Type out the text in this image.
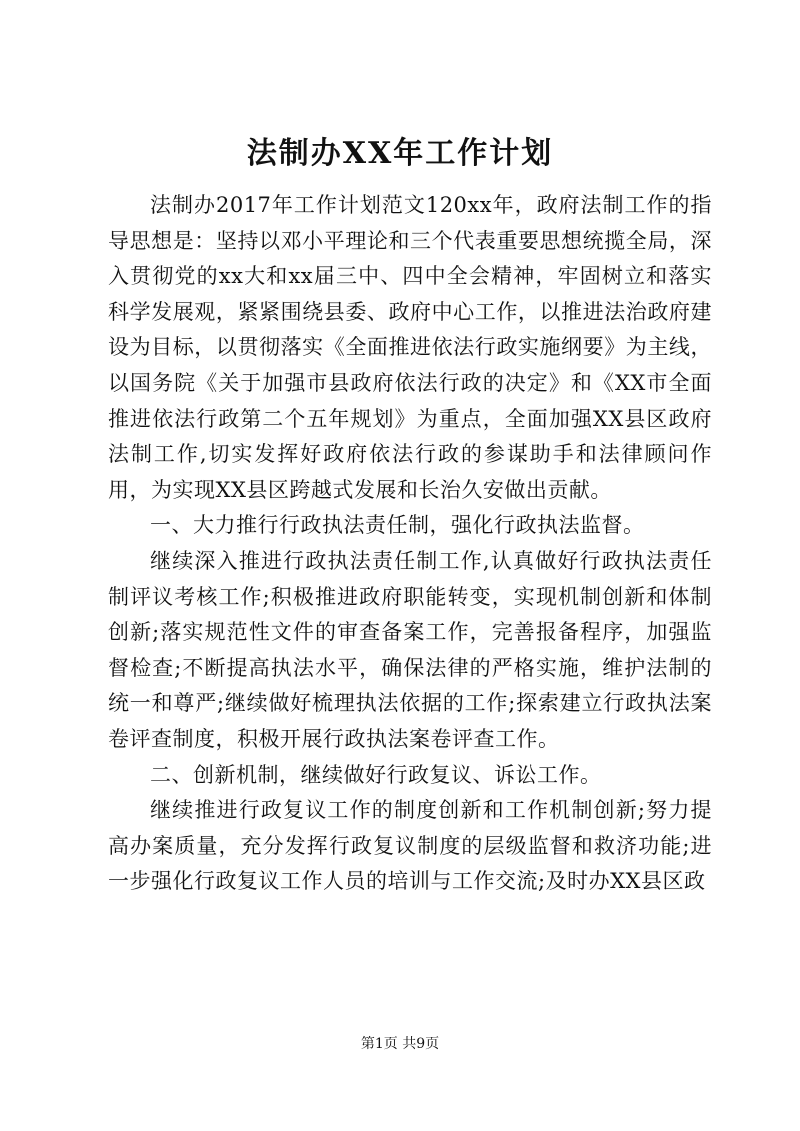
法制办XX年工作计划

法制办2017年工作计划范文120xx年，政府法制工作的指导思想是：坚持以邓小平理论和三个代表重要思想统揽全局，深入贯彻党的xx大和xx届三中、四中全会精神，牢固树立和落实科学发展观，紧紧围绕县委、政府中心工作，以推进法治政府建设为目标，以贯彻落实《全面推进依法行政实施纲要》为主线，以国务院《关于加强市县政府依法行政的决定》和《XX市全面推进依法行政第二个五年规划》为重点，全面加强XX县区政府法制工作,切实发挥好政府依法行政的参谋助手和法律顾问作用，为实现XX县区跨越式发展和长治久安做出贡献。

一、大力推行行政执法责任制，强化行政执法监督。

继续深入推进行政执法责任制工作,认真做好行政执法责任制评议考核工作;积极推进政府职能转变，实现机制创新和体制创新;落实规范性文件的审查备案工作，完善报备程序，加强监督检查;不断提高执法水平，确保法律的严格实施，维护法制的统一和尊严;继续做好梳理执法依据的工作;探索建立行政执法案卷评查制度，积极开展行政执法案卷评查工作。

二、创新机制，继续做好行政复议、诉讼工作。

继续推进行政复议工作的制度创新和工作机制创新;努力提高办案质量，充分发挥行政复议制度的层级监督和救济功能;进一步强化行政复议工作人员的培训与工作交流;及时办XX县区政

第1页 共9页
